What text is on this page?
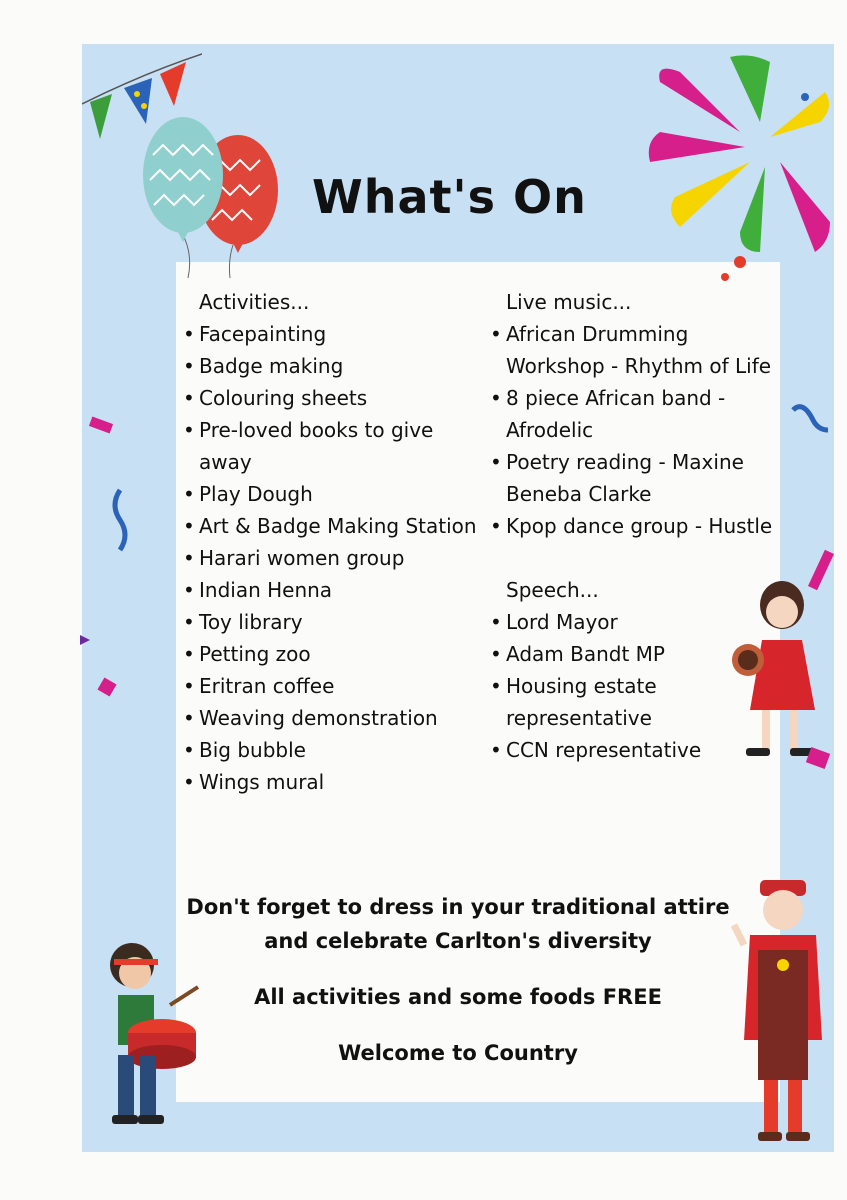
What's On
Activities...
• Facepainting
• Badge making
• Colouring sheets
• Pre-loved books to give away
• Play Dough
• Art & Badge Making Station
• Harari women group
• Indian Henna
• Toy library
• Petting zoo
• Eritran coffee
• Weaving demonstration
• Big bubble
• Wings mural
Live music...
• African Drumming Workshop - Rhythm of Life
• 8 piece African band - Afrodelic
• Poetry reading - Maxine Beneba Clarke
• Kpop dance group - Hustle
Speech...
• Lord Mayor
• Adam Bandt MP
• Housing estate representative
• CCN representative
Don't forget to dress in your traditional attire
and celebrate Carlton's diversity
All activities and some foods FREE
Welcome to Country
